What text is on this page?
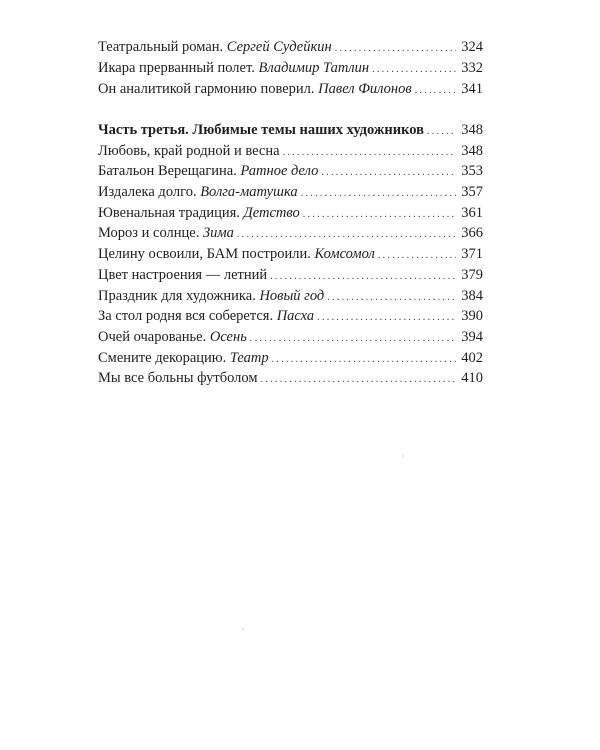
Театральный роман. Сергей Судейкин .....	324
Икара прерванный полет. Владимир Татлин .....	332
Он аналитикой гармонию поверил. Павел Филонов .....	341
Часть третья. Любимые темы наших художников .....	348
Любовь, край родной и весна .....	348
Батальон Верещагина. Ратное дело .....	353
Издалека долго. Волга-матушка .....	357
Ювенальная традиция. Детство .....	361
Мороз и солнце. Зима .....	366
Целину освоили, БАМ построили. Комсомол .....	371
Цвет настроения — летний .....	379
Праздник для художника. Новый год .....	384
За стол родня вся соберется. Пасха .....	390
Очей очарованье. Осень .....	394
Смените декорацию. Театр .....	402
Мы все больны футболом .....	410
